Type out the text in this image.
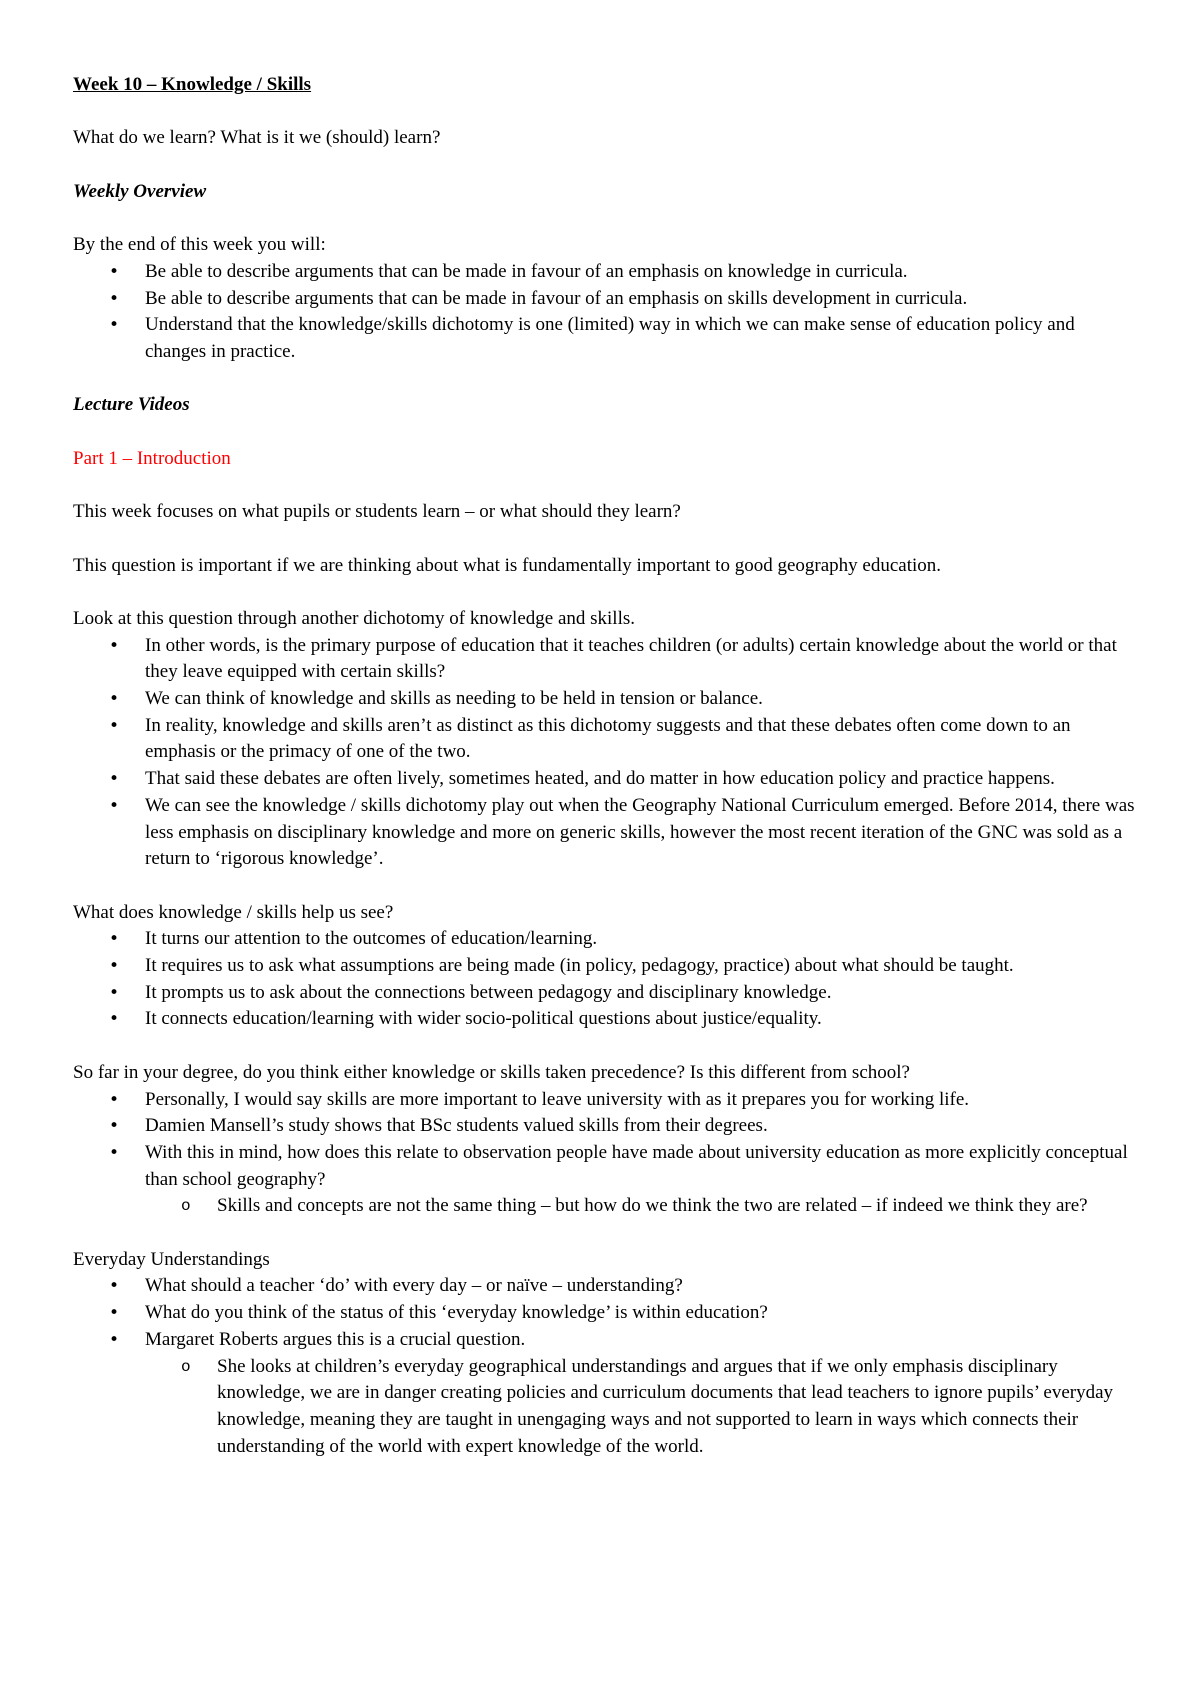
Week 10 – Knowledge / Skills

What do we learn? What is it we (should) learn?

Weekly Overview

By the end of this week you will:

• Be able to describe arguments that can be made in favour of an emphasis on knowledge in curricula.
• Be able to describe arguments that can be made in favour of an emphasis on skills development in curricula.
• Understand that the knowledge/skills dichotomy is one (limited) way in which we can make sense of education policy and changes in practice.

Lecture Videos

Part 1 – Introduction

This week focuses on what pupils or students learn – or what should they learn?

This question is important if we are thinking about what is fundamentally important to good geography education.

Look at this question through another dichotomy of knowledge and skills.

• In other words, is the primary purpose of education that it teaches children (or adults) certain knowledge about the world or that they leave equipped with certain skills?
• We can think of knowledge and skills as needing to be held in tension or balance.
• In reality, knowledge and skills aren’t as distinct as this dichotomy suggests and that these debates often come down to an emphasis or the primacy of one of the two.
• That said these debates are often lively, sometimes heated, and do matter in how education policy and practice happens.
• We can see the knowledge / skills dichotomy play out when the Geography National Curriculum emerged. Before 2014, there was less emphasis on disciplinary knowledge and more on generic skills, however the most recent iteration of the GNC was sold as a return to ‘rigorous knowledge’.

What does knowledge / skills help us see?

• It turns our attention to the outcomes of education/learning.
• It requires us to ask what assumptions are being made (in policy, pedagogy, practice) about what should be taught.
• It prompts us to ask about the connections between pedagogy and disciplinary knowledge.
• It connects education/learning with wider socio-political questions about justice/equality.

So far in your degree, do you think either knowledge or skills taken precedence? Is this different from school?

• Personally, I would say skills are more important to leave university with as it prepares you for working life.
• Damien Mansell’s study shows that BSc students valued skills from their degrees.
• With this in mind, how does this relate to observation people have made about university education as more explicitly conceptual than school geography?
o Skills and concepts are not the same thing – but how do we think the two are related – if indeed we think they are?

Everyday Understandings

• What should a teacher ‘do’ with every day – or naïve – understanding?
• What do you think of the status of this ‘everyday knowledge’ is within education?
• Margaret Roberts argues this is a crucial question.
o She looks at children’s everyday geographical understandings and argues that if we only emphasis disciplinary knowledge, we are in danger creating policies and curriculum documents that lead teachers to ignore pupils’ everyday knowledge, meaning they are taught in unengaging ways and not supported to learn in ways which connects their understanding of the world with expert knowledge of the world.
